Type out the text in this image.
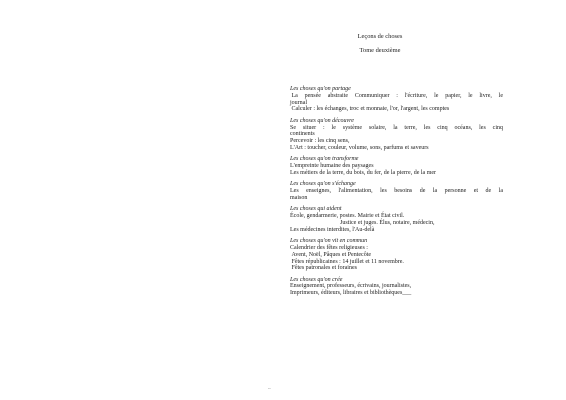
Leçons de choses
Tome deuxième
Les choses qu'on partage
La pensée abstraite Communiquer : l'écriture, le papier, le livre, le
journal
Calculer : les échanges, troc et monnaie, l'or, l'argent, les comptes
Les choses qu'on découvre
Se situer : le système solaire, la terre, les cinq océans, les cinq
continents
Percevoir : les cinq sens,
L'Art : toucher, couleur, volume, sons, parfums et saveurs
Les choses qu'on transforme
L'empreinte humaine des paysages
Les métiers de la terre, du bois, du fer, de la pierre, de la mer
Les choses qu'on s'échange
Les enseignes, l'alimentation, les besoins de la personne et de la
maison
Les choses qui aident
École, gendarmerie, postes. Mairie et État civil.
Justice et juges. Élus, notaire, médecin,
Les médecines interdites, l'Au-delà
Les choses qu'on vit en commun
Calendrier des fêtes religieuses :
Avent, Noël, Pâques et Pentecôte
Fêtes républicaines : 14 juillet et 11 novembre.
Fêtes patronales et foraines
Les choses qu'on crée
Enseignement, professeurs, écrivains, journalistes,
Imprimeurs, éditeurs, libraires et bibliothèques___
--
